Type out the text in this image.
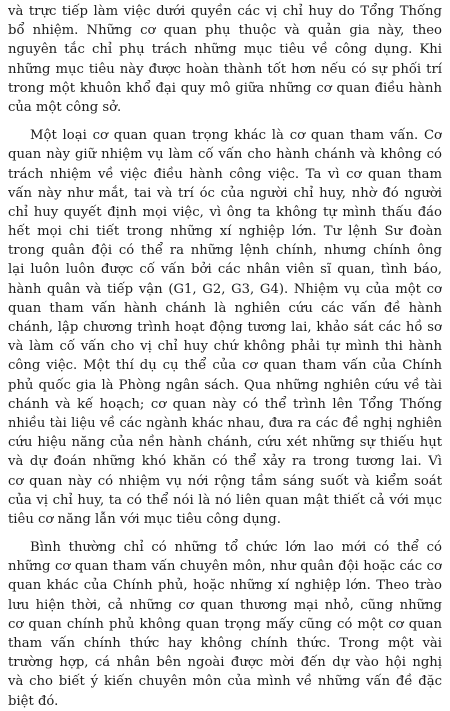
và trực tiếp làm việc dưới quyền các vị chỉ huy do Tổng Thống
bổ nhiệm. Những cơ quan phụ thuộc và quản gia này, theo
nguyên tắc chỉ phụ trách những mục tiêu về công dụng. Khi
những mục tiêu này được hoàn thành tốt hơn nếu có sự phối trí
trong một khuôn khổ đại quy mô giữa những cơ quan điều hành
của một công sở.
Một loại cơ quan quan trọng khác là cơ quan tham vấn. Cơ
quan này giữ nhiệm vụ làm cố vấn cho hành chánh và không có
trách nhiệm về việc điều hành công việc. Ta vì cơ quan tham
vấn này như mắt, tai và trí óc của người chỉ huy, nhờ đó người
chỉ huy quyết định mọi việc, vì ông ta không tự mình thấu đáo
hết mọi chi tiết trong những xí nghiệp lớn. Tư lệnh Sư đoàn
trong quân đội có thể ra những lệnh chính, nhưng chính ông
lại luôn luôn được cố vấn bởi các nhân viên sĩ quan, tình báo,
hành quân và tiếp vận (G1, G2, G3, G4). Nhiệm vụ của một cơ
quan tham vấn hành chánh là nghiên cứu các vấn đề hành
chánh, lập chương trình hoạt động tương lai, khảo sát các hồ sơ
và làm cố vấn cho vị chỉ huy chứ không phải tự mình thi hành
công việc. Một thí dụ cụ thể của cơ quan tham vấn của Chính
phủ quốc gia là Phòng ngân sách. Qua những nghiên cứu về tài
chánh và kế hoạch; cơ quan này có thể trình lên Tổng Thống
nhiều tài liệu về các ngành khác nhau, đưa ra các đề nghị nghiên
cứu hiệu năng của nền hành chánh, cứu xét những sự thiếu hụt
và dự đoán những khó khăn có thể xảy ra trong tương lai. Vì
cơ quan này có nhiệm vụ nới rộng tầm sáng suốt và kiểm soát
của vị chỉ huy, ta có thể nói là nó liên quan mật thiết cả với mục
tiêu cơ năng lẫn với mục tiêu công dụng.
Bình thường chỉ có những tổ chức lớn lao mới có thể có
những cơ quan tham vấn chuyên môn, như quân đội hoặc các cơ
quan khác của Chính phủ, hoặc những xí nghiệp lớn. Theo trào
lưu hiện thời, cả những cơ quan thương mại nhỏ, cũng những
cơ quan chính phủ không quan trọng mấy cũng có một cơ quan
tham vấn chính thức hay không chính thức. Trong một vài
trường hợp, cá nhân bên ngoài được mời đến dự vào hội nghị
và cho biết ý kiến chuyên môn của mình về những vấn đề đặc
biệt đó.
